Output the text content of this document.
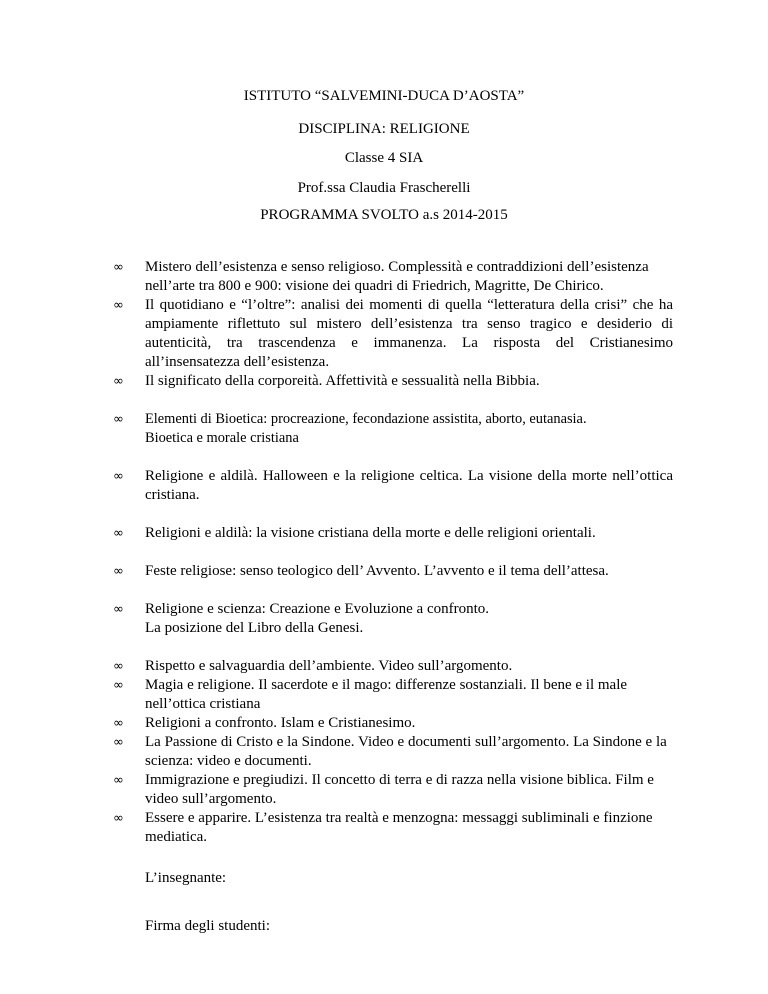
ISTITUTO “SALVEMINI-DUCA D’AOSTA”
DISCIPLINA: RELIGIONE
Classe 4 SIA
Prof.ssa Claudia Frascherelli
PROGRAMMA SVOLTO a.s 2014-2015
∞	Mistero dell’esistenza e senso religioso. Complessità e contraddizioni dell’esistenza
nell’arte tra 800 e 900: visione dei quadri di Friedrich, Magritte, De Chirico.
∞	Il quotidiano e “l’oltre”: analisi dei momenti di quella “letteratura della crisi” che ha ampiamente riflettuto sul mistero dell’esistenza tra senso tragico e desiderio di autenticità, tra trascendenza e immanenza. La risposta del Cristianesimo all’insensatezza dell’esistenza.
∞	Il significato della corporeità. Affettività e sessualità nella Bibbia.
∞	Elementi di Bioetica: procreazione, fecondazione assistita, aborto, eutanasia.
Bioetica e morale cristiana
∞	Religione e aldilà. Halloween e la religione celtica. La visione della morte nell’ottica cristiana.
∞	Religioni e aldilà: la visione cristiana della morte e delle religioni orientali.
∞	Feste religiose: senso teologico dell’ Avvento. L’avvento e il tema dell’attesa.
∞	Religione e scienza: Creazione e Evoluzione a confronto.
La posizione del Libro della Genesi.
∞	Rispetto e salvaguardia dell’ambiente. Video sull’argomento.
∞	Magia e religione. Il sacerdote e il mago: differenze sostanziali. Il bene e il male
nell’ottica cristiana
∞	Religioni a confronto. Islam e Cristianesimo.
∞	La Passione di Cristo e la Sindone. Video e documenti sull’argomento. La Sindone e la
scienza: video e documenti.
∞	Immigrazione e pregiudizi. Il concetto di terra e di razza nella visione biblica. Film e
video sull’argomento.
∞	Essere e apparire. L’esistenza tra realtà e menzogna: messaggi subliminali e finzione
mediatica.
L’insegnante:
Firma degli studenti:
